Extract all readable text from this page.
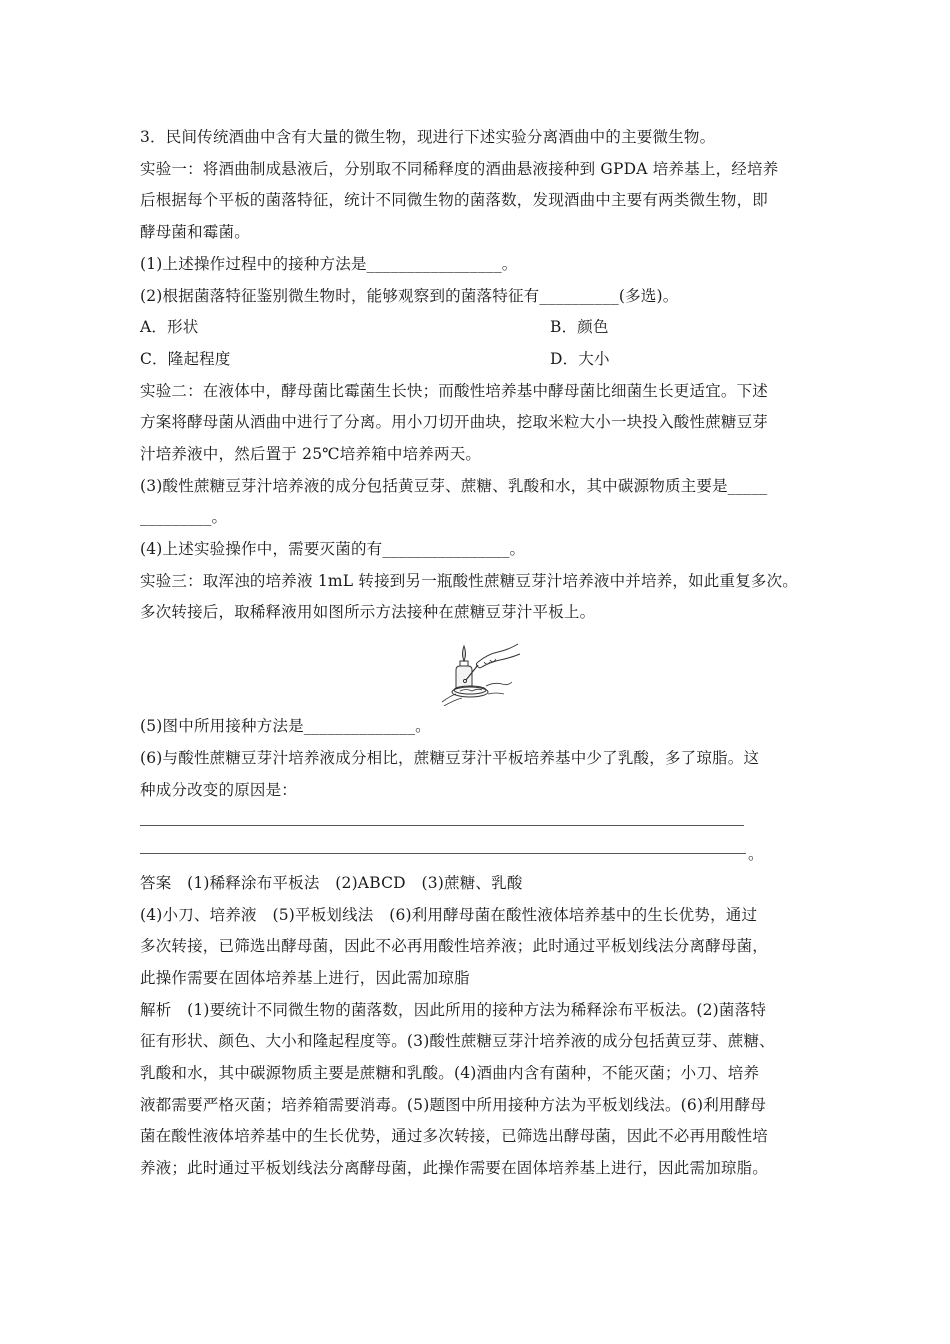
3．民间传统酒曲中含有大量的微生物，现进行下述实验分离酒曲中的主要微生物。
实验一：将酒曲制成悬液后，分别取不同稀释度的酒曲悬液接种到 GPDA 培养基上，经培养
后根据每个平板的菌落特征，统计不同微生物的菌落数，发现酒曲中主要有两类微生物，即
酵母菌和霉菌。
(1)上述操作过程中的接种方法是_________________。
(2)根据菌落特征鉴别微生物时，能够观察到的菌落特征有__________(多选)。
A．形状	B．颜色
C．隆起程度	D．大小
实验二：在液体中，酵母菌比霉菌生长快；而酸性培养基中酵母菌比细菌生长更适宜。下述
方案将酵母菌从酒曲中进行了分离。用小刀切开曲块，挖取米粒大小一块投入酸性蔗糖豆芽
汁培养液中，然后置于 25℃培养箱中培养两天。
(3)酸性蔗糖豆芽汁培养液的成分包括黄豆芽、蔗糖、乳酸和水，其中碳源物质主要是_____
_________。
(4)上述实验操作中，需要灭菌的有________________。
实验三：取浑浊的培养液 1mL 转接到另一瓶酸性蔗糖豆芽汁培养液中并培养，如此重复多次。
多次转接后，取稀释液用如图所示方法接种在蔗糖豆芽汁平板上。
(5)图中所用接种方法是______________。
(6)与酸性蔗糖豆芽汁培养液成分相比，蔗糖豆芽汁平板培养基中少了乳酸，多了琼脂。这
种成分改变的原因是：
。
答案　(1)稀释涂布平板法　(2)ABCD　(3)蔗糖、乳酸
(4)小刀、培养液　(5)平板划线法　(6)利用酵母菌在酸性液体培养基中的生长优势，通过
多次转接，已筛选出酵母菌，因此不必再用酸性培养液；此时通过平板划线法分离酵母菌，
此操作需要在固体培养基上进行，因此需加琼脂
解析　(1)要统计不同微生物的菌落数，因此所用的接种方法为稀释涂布平板法。(2)菌落特
征有形状、颜色、大小和隆起程度等。(3)酸性蔗糖豆芽汁培养液的成分包括黄豆芽、蔗糖、
乳酸和水，其中碳源物质主要是蔗糖和乳酸。(4)酒曲内含有菌种，不能灭菌；小刀、培养
液都需要严格灭菌；培养箱需要消毒。(5)题图中所用接种方法为平板划线法。(6)利用酵母
菌在酸性液体培养基中的生长优势，通过多次转接，已筛选出酵母菌，因此不必再用酸性培
养液；此时通过平板划线法分离酵母菌，此操作需要在固体培养基上进行，因此需加琼脂。
